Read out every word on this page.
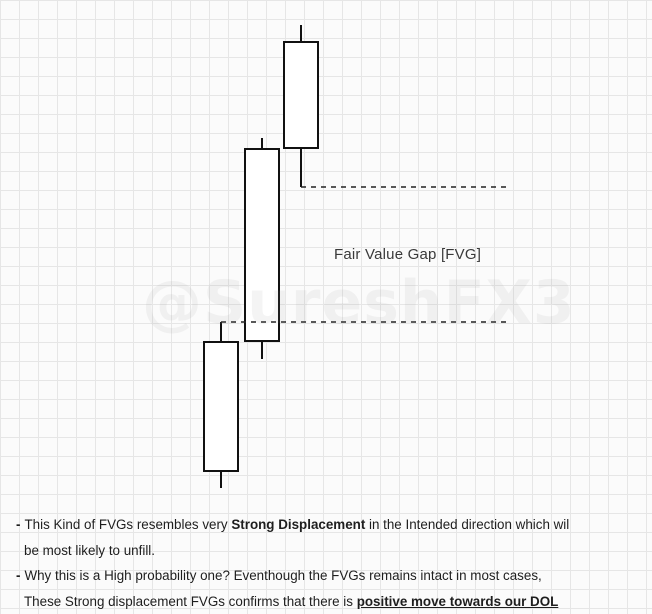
@SureshFX3
Fair Value Gap [FVG]
- This Kind of FVGs resembles very Strong Displacement in the Intended direction which wil
be most likely to unfill.
- Why this is a High probability one? Eventhough the FVGs remains intact in most cases,
These Strong displacement FVGs confirms that there is positive move towards our DOL
